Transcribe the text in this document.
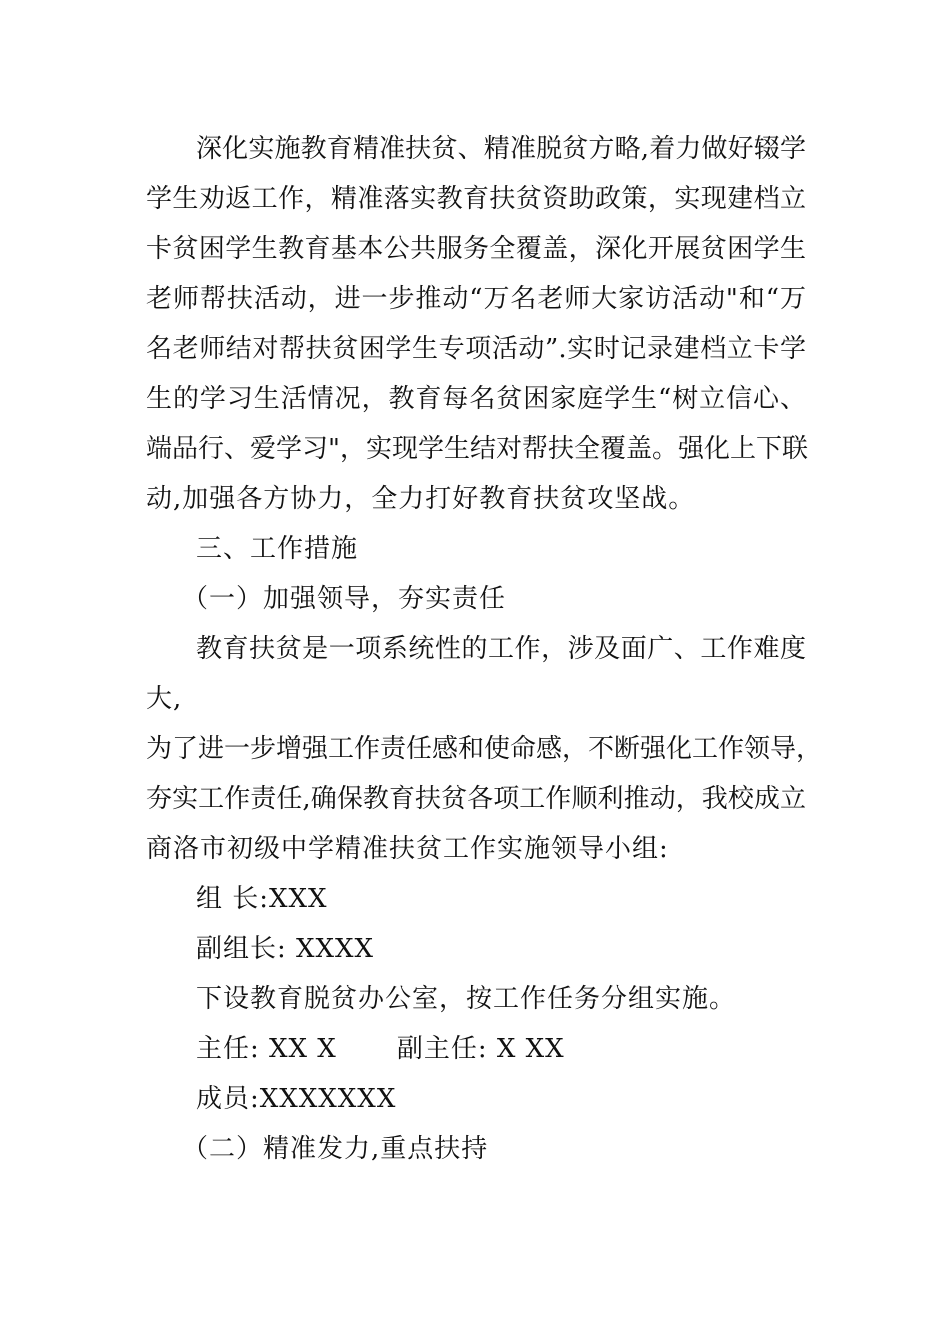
深化实施教育精准扶贫、精准脱贫方略,着力做好辍学
学生劝返工作，精准落实教育扶贫资助政策，实现建档立
卡贫困学生教育基本公共服务全覆盖，深化开展贫困学生
老师帮扶活动，进一步推动“万名老师大家访活动"和“万
名老师结对帮扶贫困学生专项活动”.实时记录建档立卡学
生的学习生活情况，教育每名贫困家庭学生“树立信心、
端品行、爱学习"，实现学生结对帮扶全覆盖。强化上下联
动,加强各方协力，全力打好教育扶贫攻坚战。
三、工作措施
（一）加强领导，夯实责任
教育扶贫是一项系统性的工作，涉及面广、工作难度
大,
为了进一步增强工作责任感和使命感，不断强化工作领导，
夯实工作责任,确保教育扶贫各项工作顺利推动，我校成立
商洛市初级中学精准扶贫工作实施领导小组:
组 长:XXX
副组长: XXXX
下设教育脱贫办公室，按工作任务分组实施。
主任: XX X 副主任: X XX
成员:XXXXXXX
（二）精准发力,重点扶持
